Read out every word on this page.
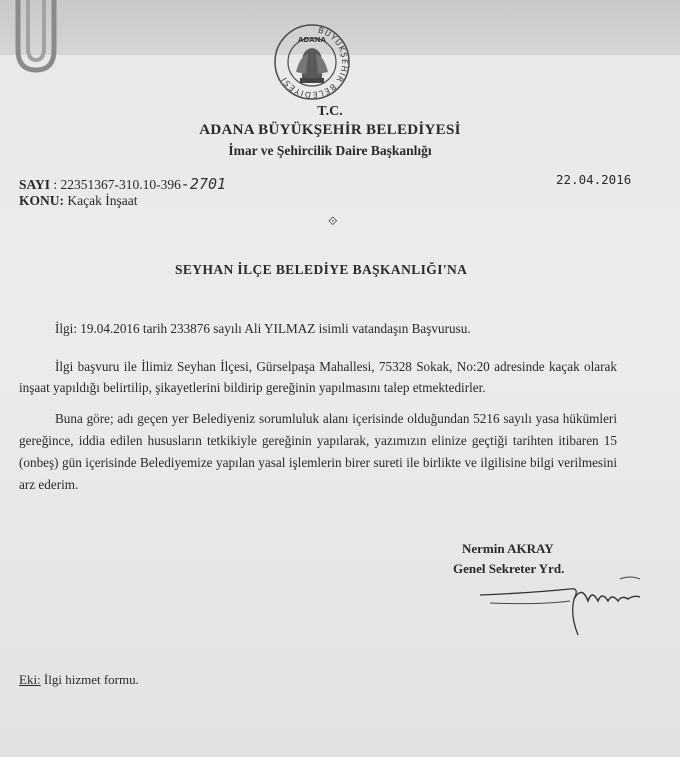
BÜYÜKŞEHİR BELEDİYESİ
ADANA
T.C.
ADANA BÜYÜKŞEHİR BELEDİYESİ
İmar ve Şehircilik Daire Başkanlığı
SAYI : 22351367-310.10-396-2701	22.04.2016
KONU: Kaçak İnşaat
⟐
SEYHAN İLÇE BELEDİYE BAŞKANLIĞI'NA
İlgi: 19.04.2016 tarih 233876 sayılı Ali YILMAZ isimli vatandaşın Başvurusu.

İlgi başvuru ile İlimiz Seyhan İlçesi, Gürselpaşa Mahallesi, 75328 Sokak, No:20 adresinde kaçak olarak inşaat yapıldığı belirtilip, şikayetlerini bildirip gereğinin yapılmasını talep etmektedirler.

Buna göre; adı geçen yer Belediyeniz sorumluluk alanı içerisinde olduğundan 5216 sayılı yasa hükümleri gereğince, iddia edilen hususların tetkikiyle gereğinin yapılarak, yazımızın elinize geçtiği tarihten itibaren 15 (onbeş) gün içerisinde Belediyemize yapılan yasal işlemlerin birer sureti ile birlikte ve ilgilisine bilgi verilmesini arz ederim.

Nermin AKRAY
Genel Sekreter Yrd.
Eki: İlgi hizmet formu.
